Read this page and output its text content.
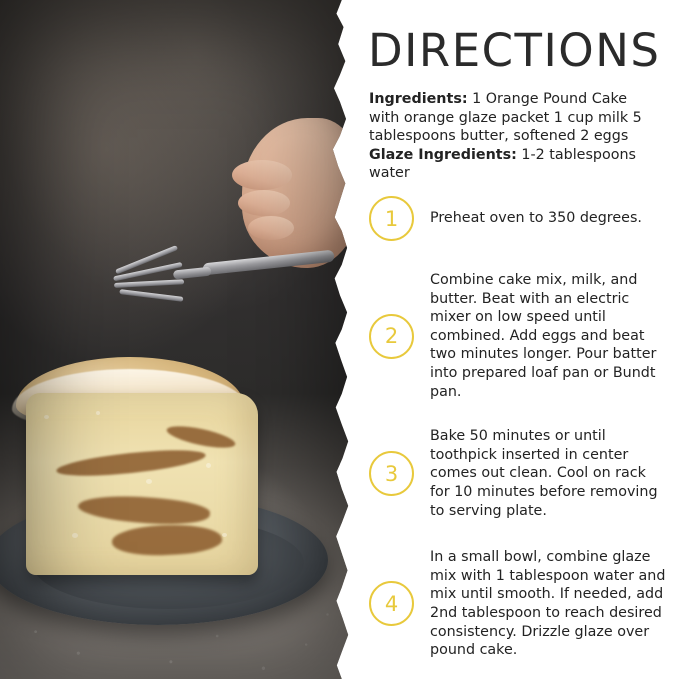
DIRECTIONS
Ingredients: 1 Orange Pound Cake with orange glaze packet 1 cup milk 5 tablespoons butter, softened 2 eggs Glaze Ingredients: 1-2 tablespoons water
1	Preheat oven to 350 degrees.
2
Combine cake mix, milk, and butter. Beat with an electric mixer on low speed until combined. Add eggs and beat two minutes longer. Pour batter into prepared loaf pan or Bundt pan.
3
Bake 50 minutes or until toothpick inserted in center comes out clean. Cool on rack for 10 minutes before removing to serving plate.
4
In a small bowl, combine glaze mix with 1 tablespoon water and mix until smooth. If needed, add 2nd tablespoon to reach desired consistency. Drizzle glaze over pound cake.
